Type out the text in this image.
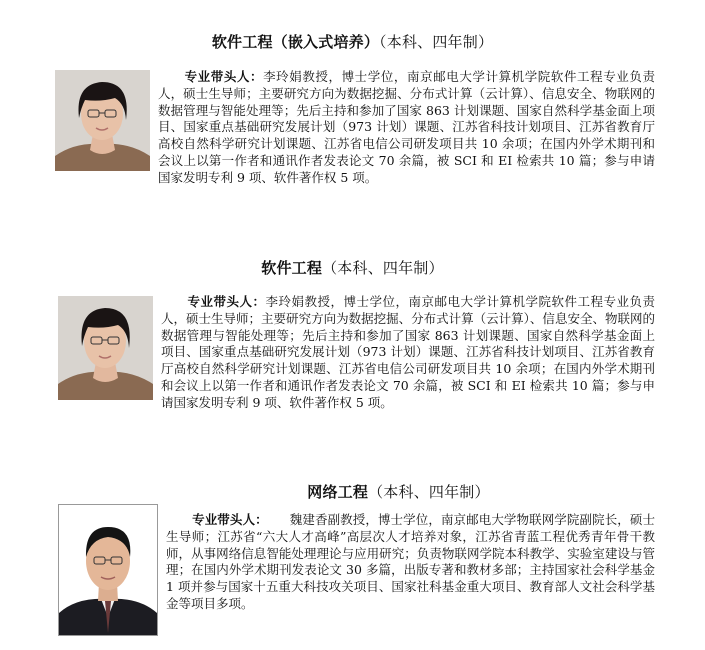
软件工程（嵌入式培养）（本科、四年制）
专业带头人：李玲娟教授，博士学位，南京邮电大学计算机学院软件工程专业负责人，硕士生导师；主要研究方向为数据挖掘、分布式计算（云计算）、信息安全、物联网的数据管理与智能处理等；先后主持和参加了国家 863 计划课题、国家自然科学基金面上项目、国家重点基础研究发展计划（973 计划）课题、江苏省科技计划项目、江苏省教育厅高校自然科学研究计划课题、江苏省电信公司研发项目共 10 余项；在国内外学术期刊和会议上以第一作者和通讯作者发表论文 70 余篇，被 SCI 和 EI 检索共 10 篇；参与申请国家发明专利 9 项、软件著作权 5 项。
软件工程（本科、四年制）
专业带头人：李玲娟教授，博士学位，南京邮电大学计算机学院软件工程专业负责人，硕士生导师；主要研究方向为数据挖掘、分布式计算（云计算）、信息安全、物联网的数据管理与智能处理等；先后主持和参加了国家 863 计划课题、国家自然科学基金面上项目、国家重点基础研究发展计划（973 计划）课题、江苏省科技计划项目、江苏省教育厅高校自然科学研究计划课题、江苏省电信公司研发项目共 10 余项；在国内外学术期刊和会议上以第一作者和通讯作者发表论文 70 余篇，被 SCI 和 EI 检索共 10 篇；参与申请国家发明专利 9 项、软件著作权 5 项。
网络工程（本科、四年制）
专业带头人： 魏建香副教授，博士学位，南京邮电大学物联网学院副院长，硕士生导师；江苏省“六大人才高峰”高层次人才培养对象，江苏省青蓝工程优秀青年骨干教师，从事网络信息智能处理理论与应用研究；负责物联网学院本科教学、实验室建设与管理；在国内外学术期刊发表论文 30 多篇，出版专著和教材多部；主持国家社会科学基金 1 项并参与国家十五重大科技攻关项目、国家社科基金重大项目、教育部人文社会科学基金等项目多项。
